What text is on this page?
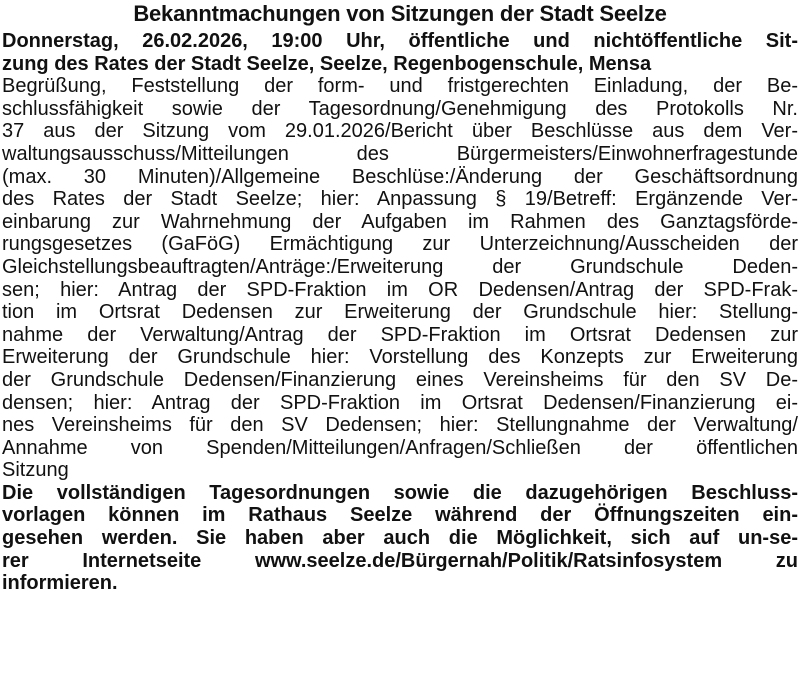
Bekanntmachungen von Sitzungen der Stadt Seelze
Donnerstag, 26.02.2026, 19:00 Uhr, öffentliche und nichtöffentliche Sit-
zung des Rates der Stadt Seelze, Seelze, Regenbogenschule, Mensa
Begrüßung, Feststellung der form- und fristgerechten Einladung, der Be-
schlussfähigkeit sowie der Tagesordnung/Genehmigung des Protokolls Nr.
37 aus der Sitzung vom 29.01.2026/Bericht über Beschlüsse aus dem Ver-
waltungsausschuss/Mitteilungen des Bürgermeisters/Einwohnerfragestunde
(max. 30 Minuten)/Allgemeine Beschlüse:/Änderung der Geschäftsordnung
des Rates der Stadt Seelze; hier: Anpassung § 19/Betreff: Ergänzende Ver-
einbarung zur Wahrnehmung der Aufgaben im Rahmen des Ganztagsförde-
rungsgesetzes (GaFöG) Ermächtigung zur Unterzeichnung/Ausscheiden der
Gleichstellungsbeauftragten/Anträge:/Erweiterung der Grundschule Deden-
sen; hier: Antrag der SPD-Fraktion im OR Dedensen/Antrag der SPD-Frak-
tion im Ortsrat Dedensen zur Erweiterung der Grundschule hier: Stellung-
nahme der Verwaltung/Antrag der SPD-Fraktion im Ortsrat Dedensen zur
Erweiterung der Grundschule hier: Vorstellung des Konzepts zur Erweiterung
der Grundschule Dedensen/Finanzierung eines Vereinsheims für den SV De-
densen; hier: Antrag der SPD-Fraktion im Ortsrat Dedensen/Finanzierung ei-
nes Vereinsheims für den SV Dedensen; hier: Stellungnahme der Verwaltung/
Annahme von Spenden/Mitteilungen/Anfragen/Schließen der öffentlichen
Sitzung
Die vollständigen Tagesordnungen sowie die dazugehörigen Beschluss-
vorlagen können im Rathaus Seelze während der Öffnungszeiten ein-
gesehen werden. Sie haben aber auch die Möglichkeit, sich auf un-se-
rer Internetseite www.seelze.de/Bürgernah/Politik/Ratsinfosystem zu
informieren.
